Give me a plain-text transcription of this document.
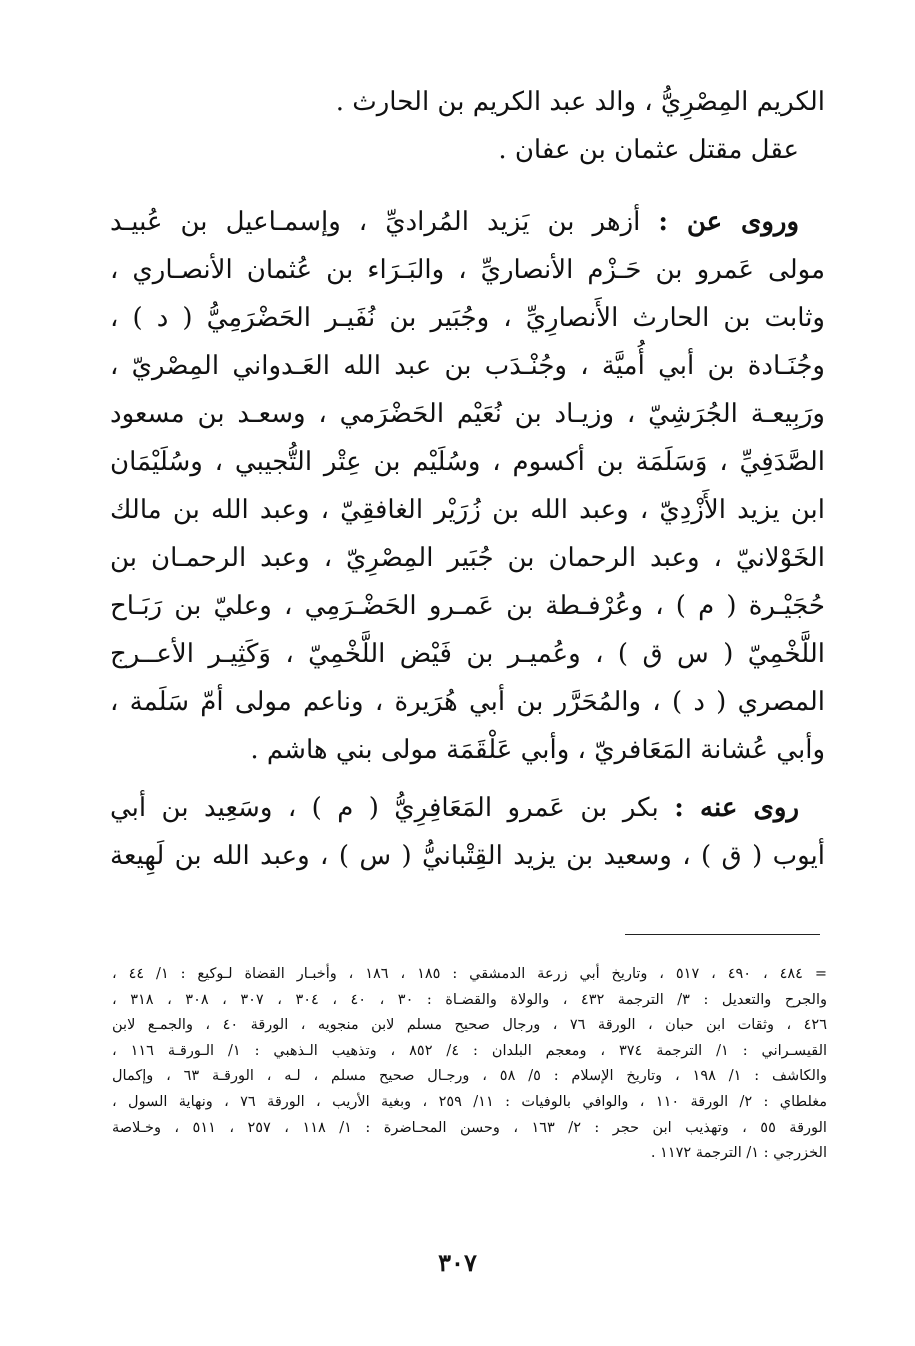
الكريم المِصْرِيُّ ، والد عبد الكريم بن الحارث .
عقل مقتل عثمان بن عفان .

وروى عن : أزهر بن يَزيد المُراديِّ ، وإسمـاعيل بن عُبيـد
مولى عَمرو بن حَـزْم الأنصاريِّ ، والبَـرَاء بن عُثمان الأنصـاري ،
وثابت بن الحارث الأَنصارِيِّ ، وجُبَير بن نُفَيـر الحَضْرَمِيُّ ( د ) ،
وجُنَـادة بن أبي أُميَّة ، وجُنْـدَب بن عبد الله العَـدواني المِصْريّ ،
ورَبِيعـة الجُرَشِيّ ، وزيـاد بن نُعَيْم الحَضْرَمي ، وسعـد بن مسعود
الصَّدَفِيِّ ، وَسَلَمَة بن أكسوم ، وسُلَيْم بن عِتْر التُّجيبي ، وسُلَيْمَان
ابن يزيد الأَزْدِيّ ، وعبد الله بن زُرَيْر الغافقِيّ ، وعبد الله بن مالك
الخَوْلانيّ ، وعبد الرحمان بن جُبَير المِصْرِيّ ، وعبد الرحمـان بن
حُجَيْـرة ( م ) ، وعُرْفـطة بن عَمـرو الحَضْـرَمِي ، وعليّ بن رَبَـاح
اللَّخْمِيّ ( س ق ) ، وعُميـر بن فَيْض اللَّخْمِيّ ، وَكَثِيـر الأعــرج
المصري ( د ) ، والمُحَرَّر بن أبي هُرَيرة ، وناعم مولى أمّ سَلَمة ،
وأبي عُشانة المَعَافريّ ، وأبي عَلْقَمَة مولى بني هاشم .

روى عنه : بكر بن عَمرو المَعَافِرِيُّ ( م ) ، وسَعِيد بن أبي
أيوب ( ق ) ، وسعيد بن يزيد القِتْبانيُّ ( س ) ، وعبد الله بن لَهِيعة

= ٤٨٤ ، ٤٩٠ ، ٥١٧ ، وتاريخ أبي زرعة الدمشقي : ١٨٥ ، ١٨٦ ، وأخبـار القضاة لـوكيع : ١/ ٤٤ ،
والجرح والتعديل : ٣/ الترجمة ٤٣٢ ، والولاة والقضـاة : ٣٠ ، ٤٠ ، ٣٠٤ ، ٣٠٧ ، ٣٠٨ ، ٣١٨ ،
٤٢٦ ، وثقات ابن حبان ، الورقة ٧٦ ، ورجال صحيح مسلم لابن منجويه ، الورقة ٤٠ ، والجمـع لابن
القيسـراني : ١/ الترجمة ٣٧٤ ، ومعجم البلدان : ٤/ ٨٥٢ ، وتذهيب الـذهبي : ١/ الـورقـة ١١٦ ،
والكاشف : ١/ ١٩٨ ، وتاريخ الإسلام : ٥/ ٥٨ ، ورجـال صحيح مسلم ، لـه ، الورقـة ٦٣ ، وإكمال
مغلطاي : ٢/ الورقة ١١٠ ، والوافي بالوفيات : ١١/ ٢٥٩ ، وبغية الأريب ، الورقة ٧٦ ، ونهاية السول ،
الورقة ٥٥ ، وتهذيب ابن حجر : ٢/ ١٦٣ ، وحسن المحـاضرة : ١/ ١١٨ ، ٢٥٧ ، ٥١١ ، وخـلاصة
الخزرجي : ١/ الترجمة ١١٧٢ .
٣٠٧
